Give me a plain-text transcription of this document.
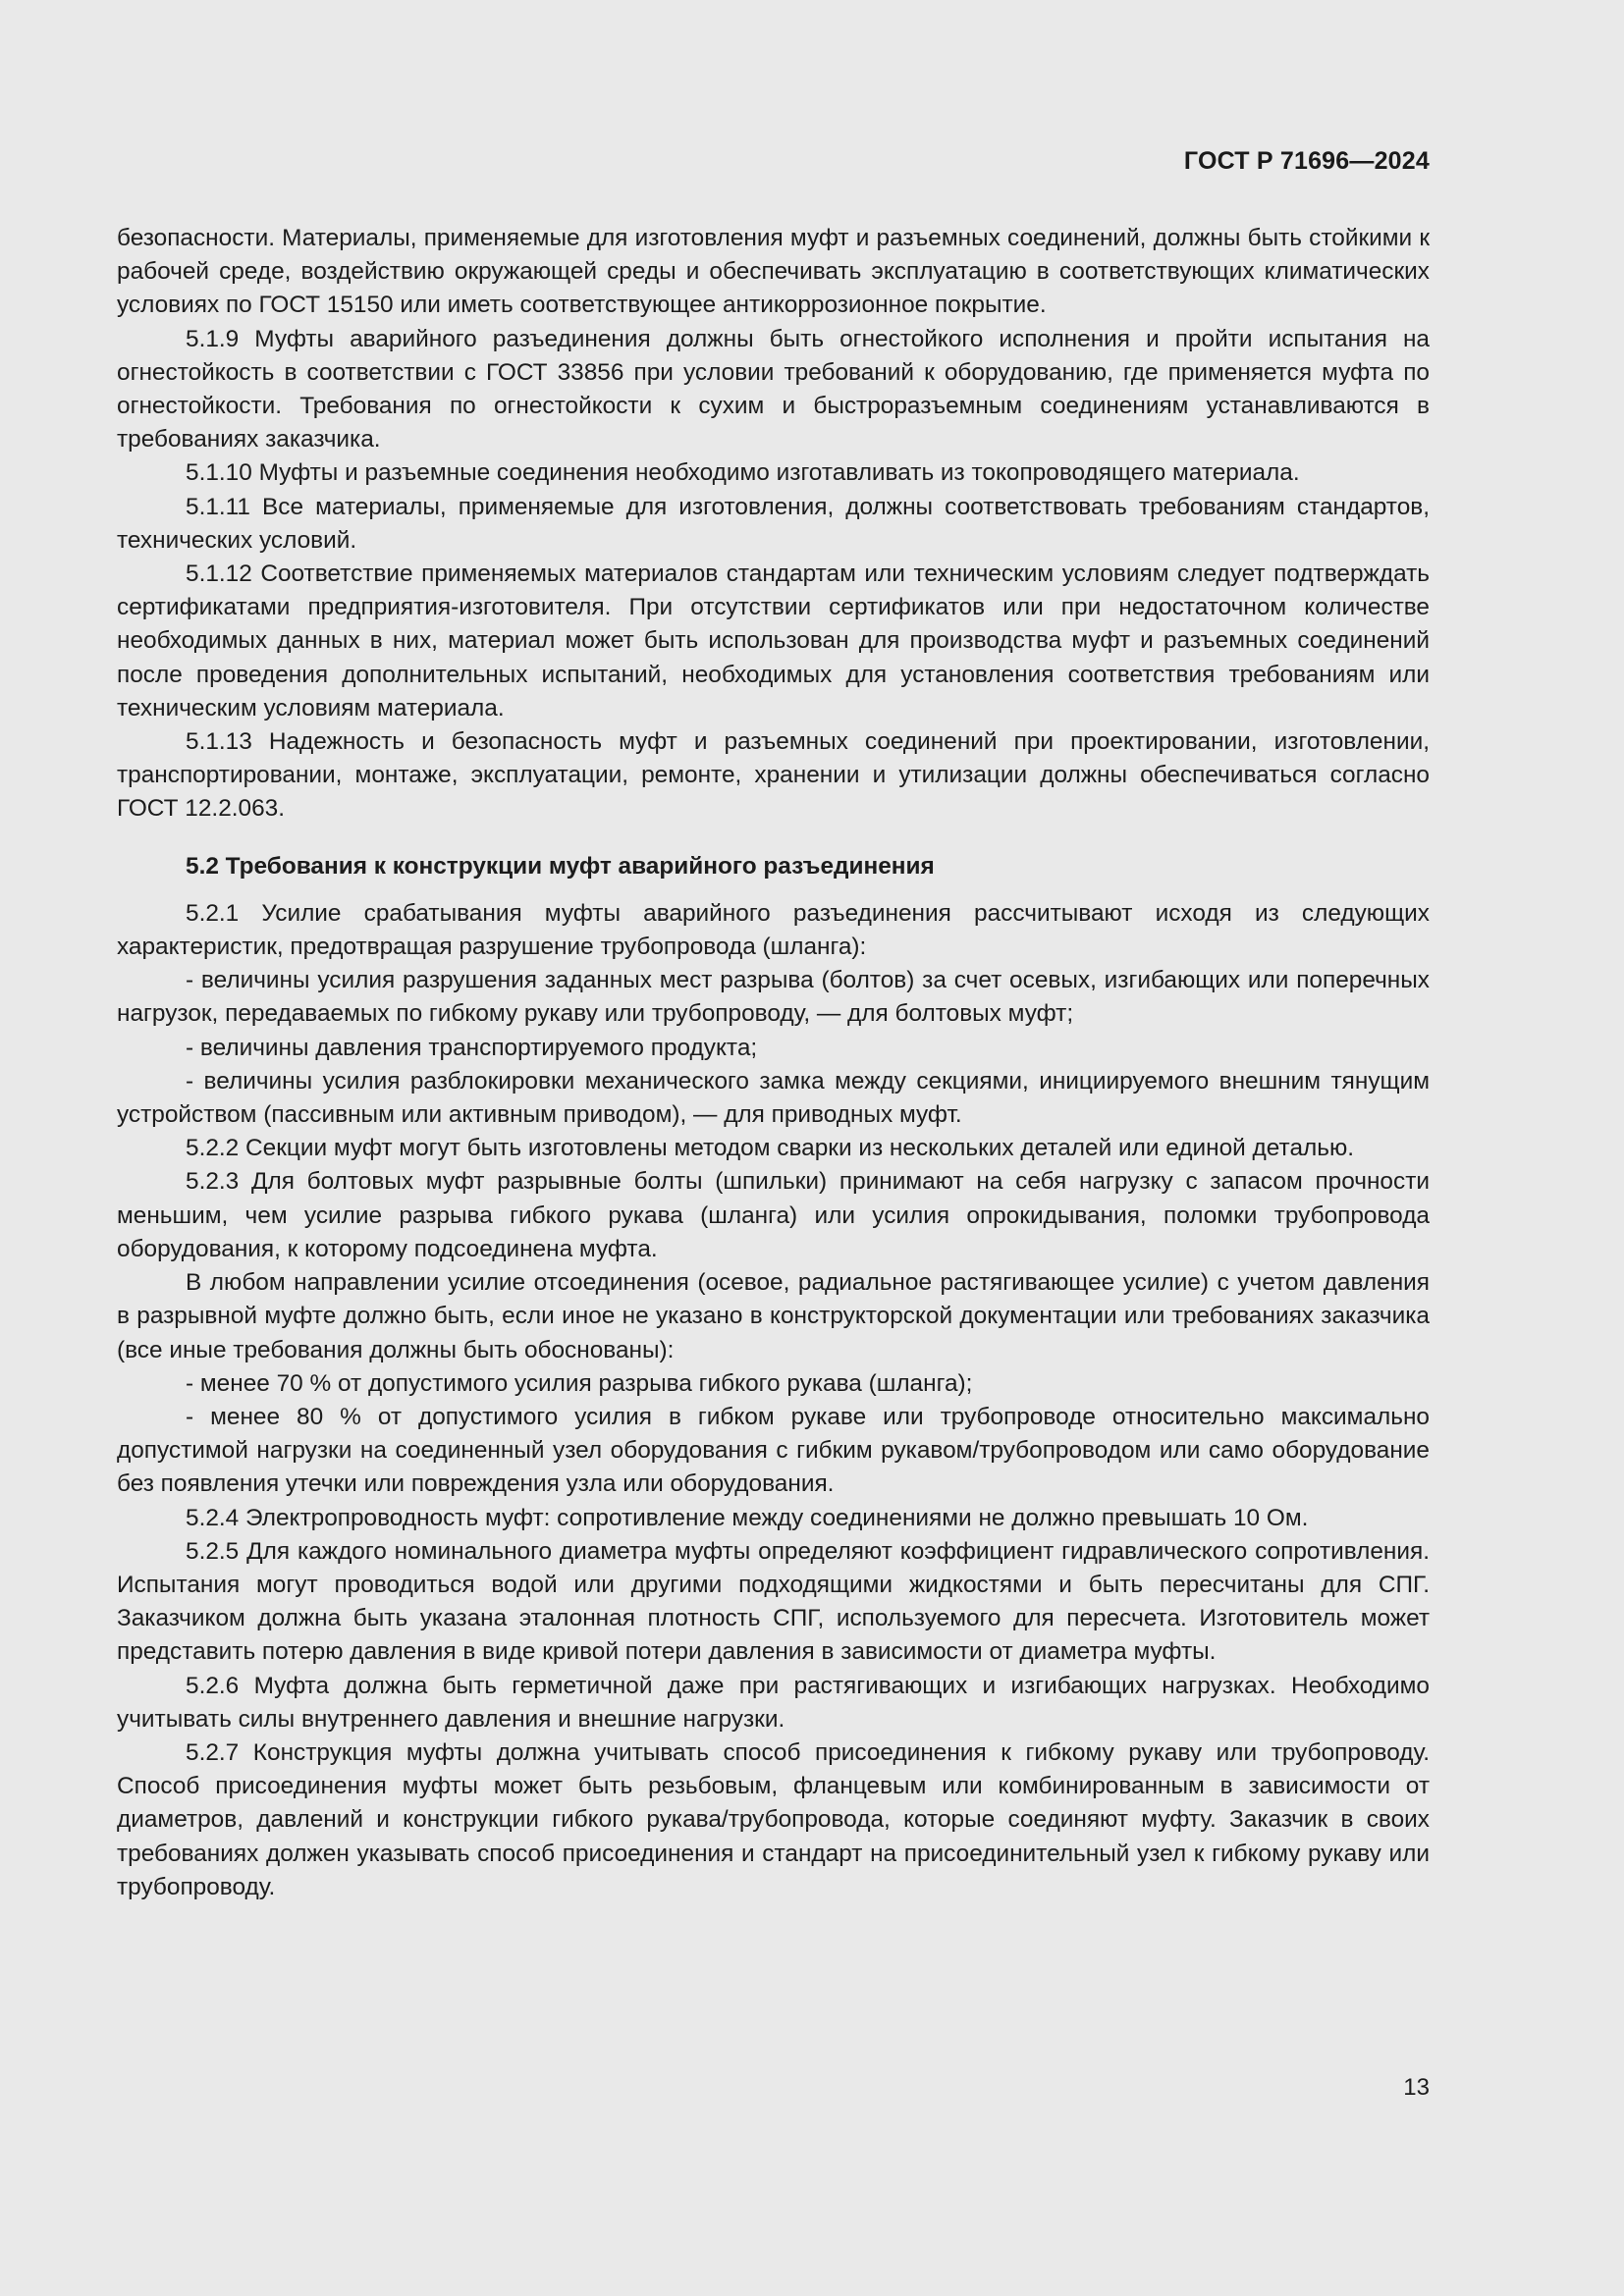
ГОСТ Р 71696—2024

безопасности. Материалы, применяемые для изготовления муфт и разъемных соединений, должны быть стойкими к рабочей среде, воздействию окружающей среды и обеспечивать эксплуатацию в соответствующих климатических условиях по ГОСТ 15150 или иметь соответствующее антикоррозионное покрытие.

5.1.9 Муфты аварийного разъединения должны быть огнестойкого исполнения и пройти испытания на огнестойкость в соответствии с ГОСТ 33856 при условии требований к оборудованию, где применяется муфта по огнестойкости. Требования по огнестойкости к сухим и быстроразъемным соединениям устанавливаются в требованиях заказчика.

5.1.10 Муфты и разъемные соединения необходимо изготавливать из токопроводящего материала.

5.1.11 Все материалы, применяемые для изготовления, должны соответствовать требованиям стандартов, технических условий.

5.1.12 Соответствие применяемых материалов стандартам или техническим условиям следует подтверждать сертификатами предприятия-изготовителя. При отсутствии сертификатов или при недостаточном количестве необходимых данных в них, материал может быть использован для производства муфт и разъемных соединений после проведения дополнительных испытаний, необходимых для установления соответствия требованиям или техническим условиям материала.

5.1.13 Надежность и безопасность муфт и разъемных соединений при проектировании, изготовлении, транспортировании, монтаже, эксплуатации, ремонте, хранении и утилизации должны обеспечиваться согласно ГОСТ 12.2.063.

5.2 Требования к конструкции муфт аварийного разъединения

5.2.1 Усилие срабатывания муфты аварийного разъединения рассчитывают исходя из следующих характеристик, предотвращая разрушение трубопровода (шланга):

- величины усилия разрушения заданных мест разрыва (болтов) за счет осевых, изгибающих или поперечных нагрузок, передаваемых по гибкому рукаву или трубопроводу, — для болтовых муфт;

- величины давления транспортируемого продукта;

- величины усилия разблокировки механического замка между секциями, инициируемого внешним тянущим устройством (пассивным или активным приводом), — для приводных муфт.

5.2.2 Секции муфт могут быть изготовлены методом сварки из нескольких деталей или единой деталью.

5.2.3 Для болтовых муфт разрывные болты (шпильки) принимают на себя нагрузку с запасом прочности меньшим, чем усилие разрыва гибкого рукава (шланга) или усилия опрокидывания, поломки трубопровода оборудования, к которому подсоединена муфта.

В любом направлении усилие отсоединения (осевое, радиальное растягивающее усилие) с учетом давления в разрывной муфте должно быть, если иное не указано в конструкторской документации или требованиях заказчика (все иные требования должны быть обоснованы):

- менее 70 % от допустимого усилия разрыва гибкого рукава (шланга);

- менее 80 % от допустимого усилия в гибком рукаве или трубопроводе относительно максимально допустимой нагрузки на соединенный узел оборудования с гибким рукавом/трубопроводом или само оборудование без появления утечки или повреждения узла или оборудования.

5.2.4 Электропроводность муфт: сопротивление между соединениями не должно превышать 10 Ом.

5.2.5 Для каждого номинального диаметра муфты определяют коэффициент гидравлического сопротивления. Испытания могут проводиться водой или другими подходящими жидкостями и быть пересчитаны для СПГ. Заказчиком должна быть указана эталонная плотность СПГ, используемого для пересчета. Изготовитель может представить потерю давления в виде кривой потери давления в зависимости от диаметра муфты.

5.2.6 Муфта должна быть герметичной даже при растягивающих и изгибающих нагрузках. Необходимо учитывать силы внутреннего давления и внешние нагрузки.

5.2.7 Конструкция муфты должна учитывать способ присоединения к гибкому рукаву или трубопроводу. Способ присоединения муфты может быть резьбовым, фланцевым или комбинированным в зависимости от диаметров, давлений и конструкции гибкого рукава/трубопровода, которые соединяют муфту. Заказчик в своих требованиях должен указывать способ присоединения и стандарт на присоединительный узел к гибкому рукаву или трубопроводу.

13
